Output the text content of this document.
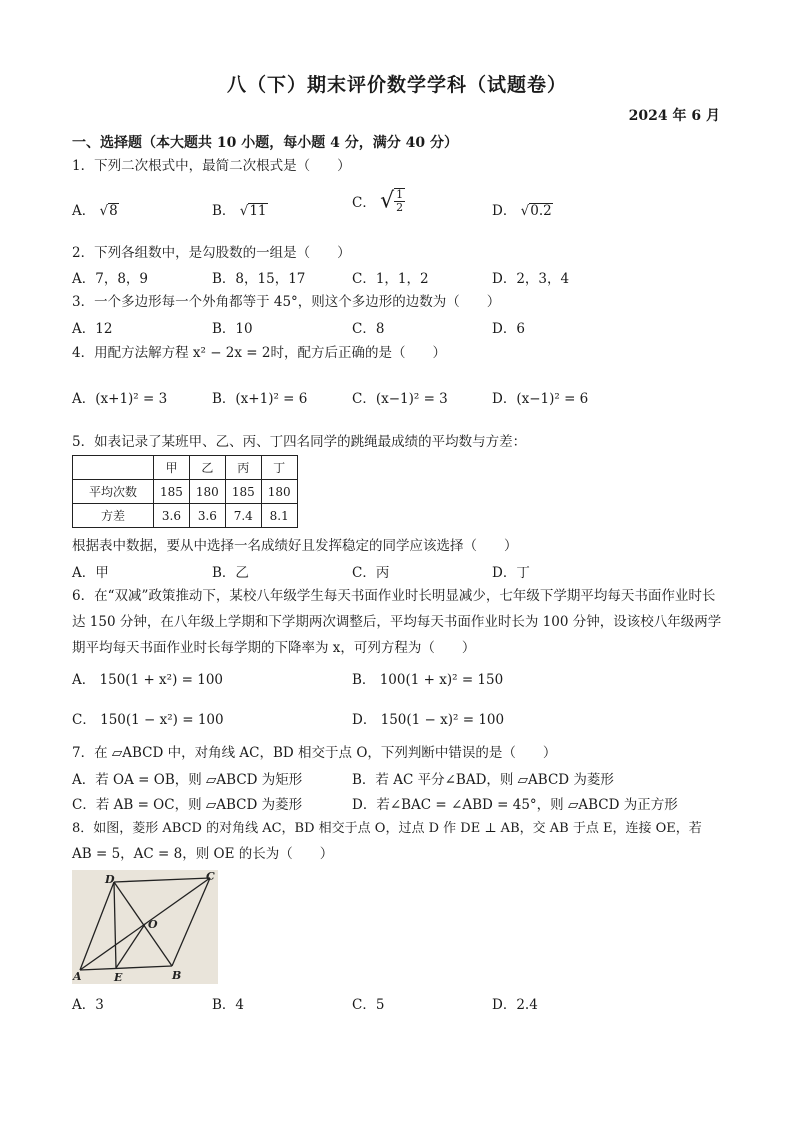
八（下）期末评价数学学科（试题卷）
2024 年 6 月
一、选择题（本大题共 10 小题，每小题 4 分，满分 40 分）
1．下列二次根式中，最简二次根式是（　　）
A． √8	B． √11	C． √ $\frac{1}{2}$	D． √0.2
2．下列各组数中，是勾股数的一组是（　　）
A．7，8，9	B．8，15，17	C．1，1，2	D．2，3，4
3．一个多边形每一个外角都等于 45°，则这个多边形的边数为（　　）
A．12	B．10	C．8	D．6
4．用配方法解方程 x² − 2x = 2时，配方后正确的是（　　）
A．(x+1)² = 3	B．(x+1)² = 6	C．(x−1)² = 3	D．(x−1)² = 6
5．如表记录了某班甲、乙、丙、丁四名同学的跳绳最成绩的平均数与方差：
	甲	乙	丙	丁
平均次数	185	180	185	180
方差	3.6	3.6	7.4	8.1
根据表中数据，要从中选择一名成绩好且发挥稳定的同学应该选择（　　）
A．甲	B．乙	C．丙	D．丁
6．在“双减”政策推动下，某校八年级学生每天书面作业时长明显减少，七年级下学期平均每天书面作业时长达 150 分钟，在八年级上学期和下学期两次调整后，平均每天书面作业时长为 100 分钟，设该校八年级两学期平均每天书面作业时长每学期的下降率为 x，可列方程为（　　）
A． 150(1 + x²) = 100	B． 100(1 + x)² = 150
C． 150(1 − x²) = 100	D． 150(1 − x)² = 100
7．在 ▱ABCD 中，对角线 AC，BD 相交于点 O，下列判断中错误的是（　　）
A．若 OA = OB，则 ▱ABCD 为矩形	B．若 AC 平分∠BAD，则 ▱ABCD 为菱形
C．若 AB = OC，则 ▱ABCD 为菱形	D．若∠BAC = ∠ABD = 45°，则 ▱ABCD 为正方形
8．如图，菱形 ABCD 的对角线 AC，BD 相交于点 O，过点 D 作 DE ⊥ AB，交 AB 于点 E，连接 OE，若
AB = 5，AC = 8，则 OE 的长为（　　）
A	B
C
D
E
O
A．3	B．4	C．5	D．2.4
